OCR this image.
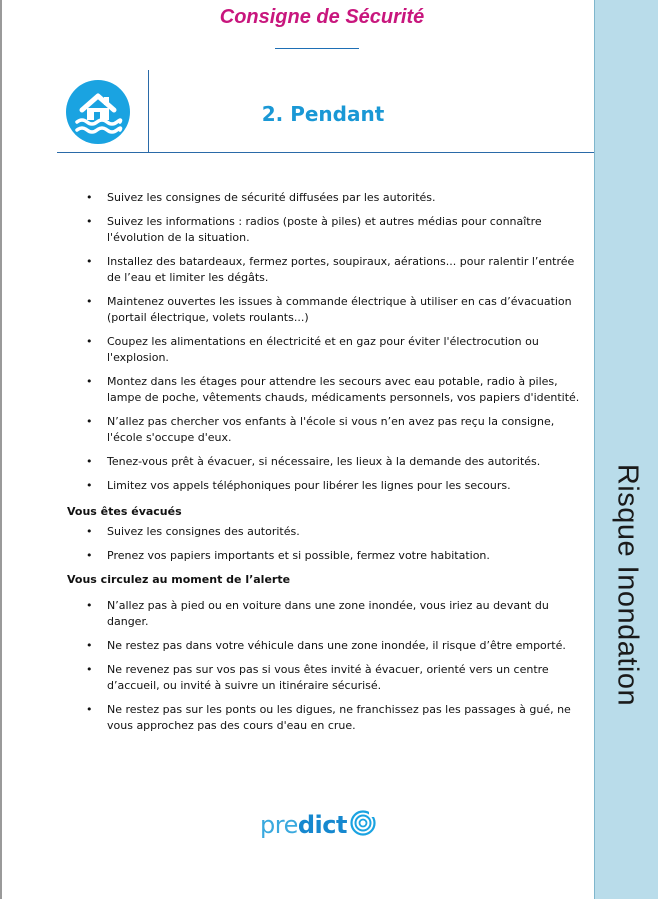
Consigne de Sécurité
2. Pendant
• Suivez les consignes de sécurité diffusées par les autorités.
• Suivez les informations : radios (poste à piles) et autres médias pour connaître l'évolution de la situation.
• Installez des batardeaux, fermez portes, soupiraux, aérations... pour ralentir l’entrée de l’eau et limiter les dégâts.
• Maintenez ouvertes les issues à commande électrique à utiliser en cas d’évacuation (portail électrique, volets roulants...)
• Coupez les alimentations en électricité et en gaz pour éviter l'électrocution ou l'explosion.
• Montez dans les étages pour attendre les secours avec eau potable, radio à piles, lampe de poche, vêtements chauds, médicaments personnels, vos papiers d'identité.
• N’allez pas chercher vos enfants à l'école si vous n’en avez pas reçu la consigne, l'école s'occupe d'eux.
• Tenez-vous prêt à évacuer, si nécessaire, les lieux à la demande des autorités.
• Limitez vos appels téléphoniques pour libérer les lignes pour les secours.
Vous êtes évacués
• Suivez les consignes des autorités.
• Prenez vos papiers importants et si possible, fermez votre habitation.
Vous circulez au moment de l’alerte
• N’allez pas à pied ou en voiture dans une zone inondée, vous iriez au devant du danger.
• Ne restez pas dans votre véhicule dans une zone inondée, il risque d’être emporté.
• Ne revenez pas sur vos pas si vous êtes invité à évacuer, orienté vers un centre d’accueil, ou invité à suivre un itinéraire sécurisé.
• Ne restez pas sur les ponts ou les digues, ne franchissez pas les passages à gué, ne vous approchez pas des cours d'eau en crue.
predict
Risque Inondation
